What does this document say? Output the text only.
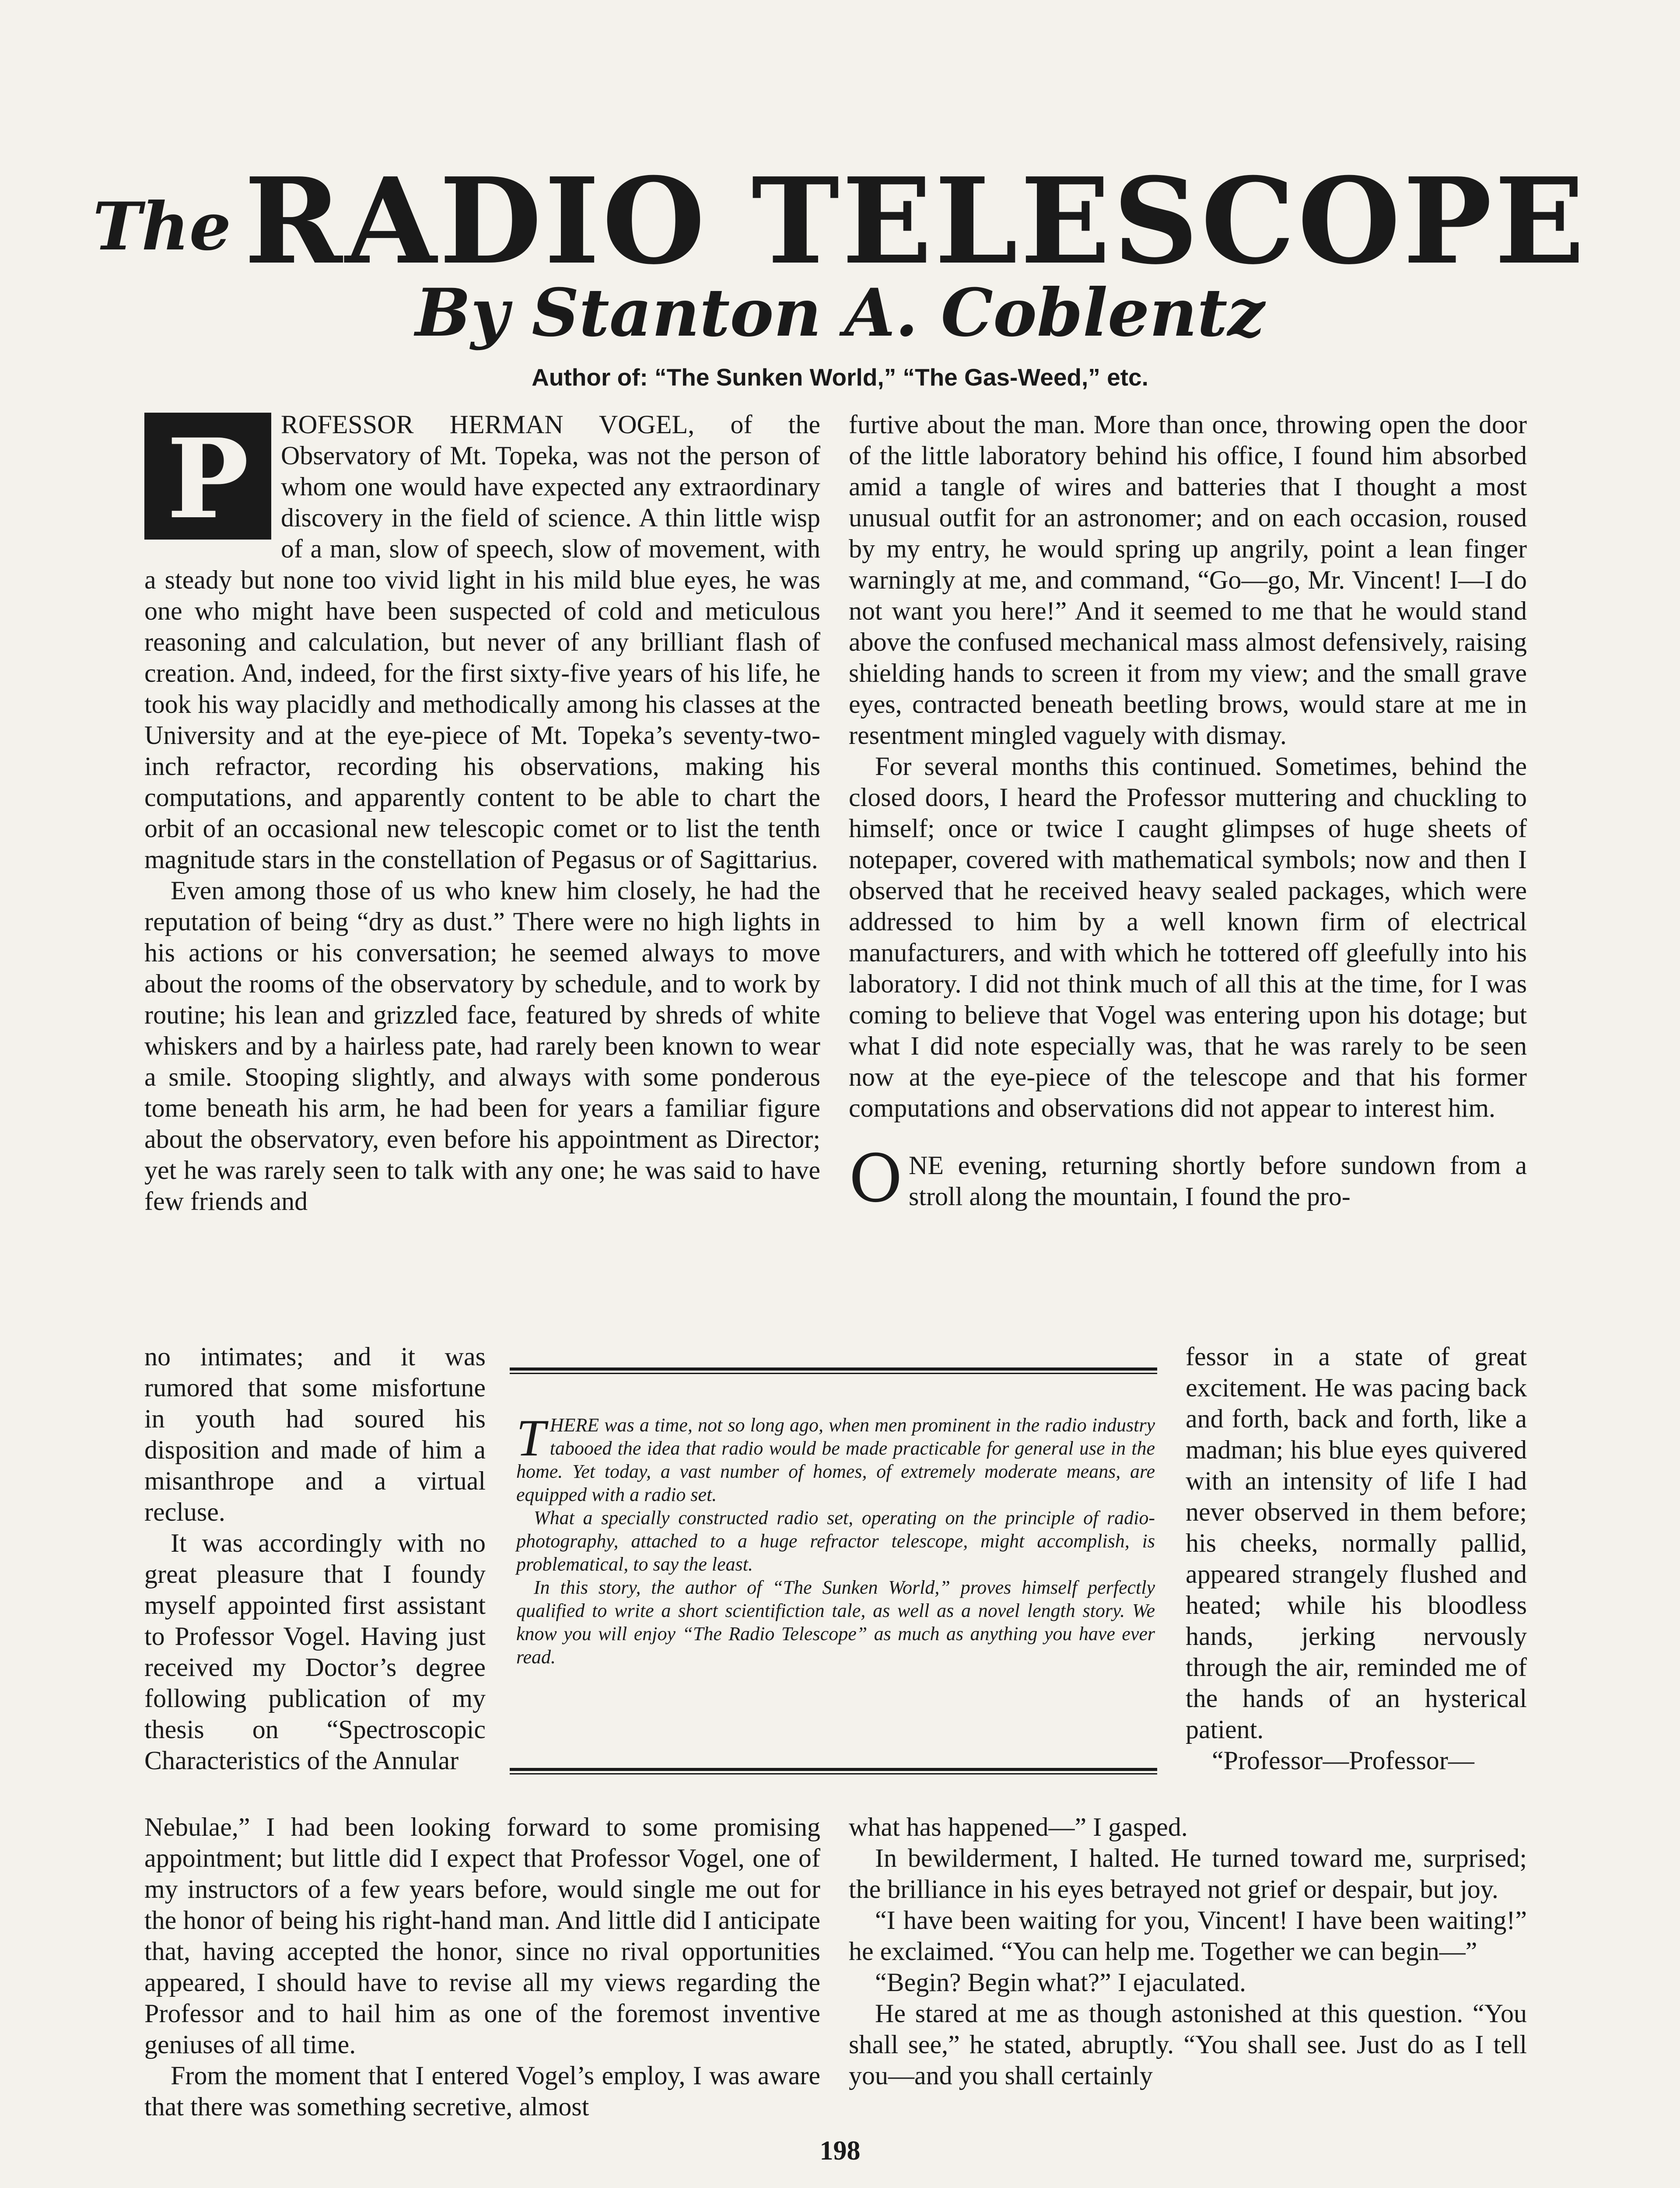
The RADIO TELESCOPE
By Stanton A. Coblentz
Author of: “The Sunken World,” “The Gas-Weed,” etc.

P	ROFESSOR HERMAN VOGEL, of the Observatory of Mt. Topeka, was not the person of whom one would have expected any extraordinary discovery in the field of science. A thin little wisp of a man, slow of speech, slow of movement, with a steady but none too vivid light in his mild blue eyes, he was one who might have been suspected of cold and meticulous reasoning and calculation, but never of any brilliant flash of creation. And, indeed, for the first sixty-five years of his life, he took his way placidly and methodically among his classes at the University and at the eye-piece of Mt. Topeka’s seventy-two-inch refractor, recording his observations, making his computations, and apparently content to be able to chart the orbit of an occasional new telescopic comet or to list the tenth magnitude stars in the constellation of Pegasus or of Sagittarius.

Even among those of us who knew him closely, he had the reputation of being “dry as dust.” There were no high lights in his actions or his conversation; he seemed always to move about the rooms of the observatory by schedule, and to work by routine; his lean and grizzled face, featured by shreds of white whiskers and by a hairless pate, had rarely been known to wear a smile. Stooping slightly, and always with some ponderous tome beneath his arm, he had been for years a familiar figure about the observatory, even before his appointment as Director; yet he was rarely seen to talk with any one; he was said to have few friends and

furtive about the man. More than once, throwing open the door of the little laboratory behind his office, I found him absorbed amid a tangle of wires and batteries that I thought a most unusual outfit for an astronomer; and on each occasion, roused by my entry, he would spring up angrily, point a lean finger warningly at me, and command, “Go—go, Mr. Vincent! I—I do not want you here!” And it seemed to me that he would stand above the confused mechanical mass almost defensively, raising shielding hands to screen it from my view; and the small grave eyes, contracted beneath beetling brows, would stare at me in resentment mingled vaguely with dismay.

For several months this continued. Sometimes, behind the closed doors, I heard the Professor muttering and chuckling to himself; once or twice I caught glimpses of huge sheets of notepaper, covered with mathematical symbols; now and then I observed that he received heavy sealed packages, which were addressed to him by a well known firm of electrical manufacturers, and with which he tottered off gleefully into his laboratory. I did not think much of all this at the time, for I was coming to believe that Vogel was entering upon his dotage; but what I did note especially was, that he was rarely to be seen now at the eye-piece of the telescope and that his former computations and observations did not appear to interest him.

ONE evening, returning shortly before sundown from a stroll along the mountain, I found the pro-

no intimates; and it was rumored that some misfortune in youth had soured his disposition and made of him a misanthrope and a virtual recluse.

It was accordingly with no great pleasure that I foundy myself appointed first assistant to Professor Vogel. Having just received my Doctor’s degree following publication of my thesis on “Spectroscopic Characteristics of the Annular

THERE was a time, not so long ago, when men prominent in the radio industry tabooed the idea that radio would be made practicable for general use in the home. Yet today, a vast number of homes, of extremely moderate means, are equipped with a radio set.

What a specially constructed radio set, operating on the principle of radio-photography, attached to a huge refractor telescope, might accomplish, is problematical, to say the least.

In this story, the author of “The Sunken World,” proves himself perfectly qualified to write a short scientifiction tale, as well as a novel length story. We know you will enjoy “The Radio Telescope” as much as anything you have ever read.

fessor in a state of great excitement. He was pacing back and forth, back and forth, like a madman; his blue eyes quivered with an intensity of life I had never observed in them before; his cheeks, normally pallid, appeared strangely flushed and heated; while his bloodless hands, jerking nervously through the air, reminded me of the hands of an hysterical patient.

“Professor—Professor—

Nebulae,” I had been looking forward to some promising appointment; but little did I expect that Professor Vogel, one of my instructors of a few years before, would single me out for the honor of being his right-hand man. And little did I anticipate that, having accepted the honor, since no rival opportunities appeared, I should have to revise all my views regarding the Professor and to hail him as one of the foremost inventive geniuses of all time.

From the moment that I entered Vogel’s employ, I was aware that there was something secretive, almost

what has happened—” I gasped.

In bewilderment, I halted. He turned toward me, surprised; the brilliance in his eyes betrayed not grief or despair, but joy.

“I have been waiting for you, Vincent! I have been waiting!” he exclaimed. “You can help me. Together we can begin—”

“Begin? Begin what?” I ejaculated.

He stared at me as though astonished at this question. “You shall see,” he stated, abruptly. “You shall see. Just do as I tell you—and you shall certainly

198
